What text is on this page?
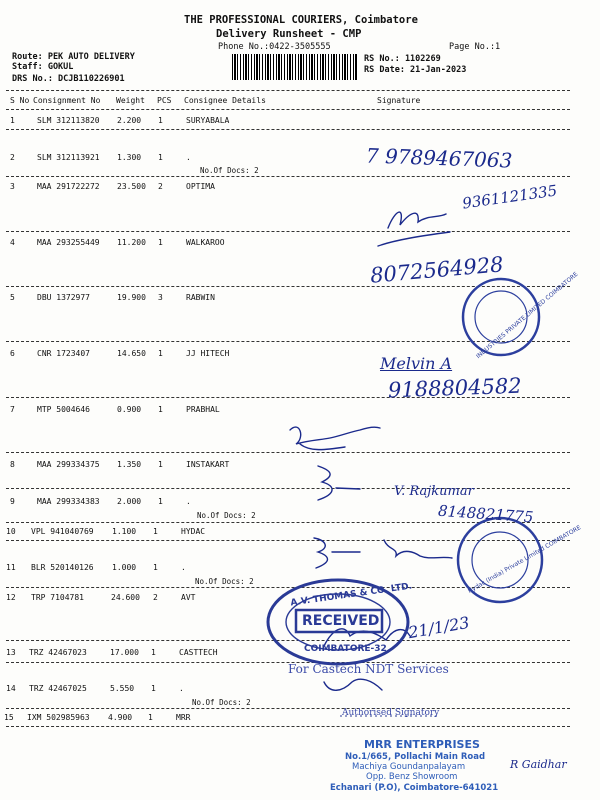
THE PROFESSIONAL COURIERS, Coimbatore
Delivery Runsheet - CMP
Phone No.:0422-3505555	Page No.:1
Route: PEK AUTO DELIVERY
Staff: GOKUL
DRS No.: DCJB110226901
RS No.: 1102269
RS Date: 21-Jan-2023
S No Consignment No Weight PCS Consignee Details	Signature
1	SLM 312113820 2.200 1	SURYABALA
2	SLM 312113921 1.300 1	.
No.Of Docs: 2
3	MAA 291722272 23.500 2	OPTIMA
4	MAA 293255449 11.200 1	WALKAROO
5	DBU 1372977	19.900 3	RABWIN
6	CNR 1723407	14.650 1	JJ HITECH
7	MTP 5004646	0.900 1	PRABHAL
8	MAA 299334375 1.350 1	INSTAKART
9	MAA 299334383 2.000 1	.
No.Of Docs: 2
10 VPL 941040769 1.100 1	HYDAC
11 BLR 520140126 1.000 1	.
No.Of Docs: 2
12 TRP 7104781	24.600 2	AVT
13 TRZ 42467023	17.000 1	CASTTECH
14 TRZ 42467025	5.550 1	.
No.Of Docs: 2
15 IXM 502985963 4.900 1	MRR
7 9789467063
9361121335
8072564928
Melvin A
9188804582
V. Rajkumar
8148821775
R Gaidhar
21/1/23
INDUSTRIES PRIVATE LIMITED COIMBATORE
Hydac (India) Private Limited COIMBATORE
A.V. THOMAS & CO. LTD.
RECEIVED
COIMBATORE-32
For Castech NDT Services
Authorised Signatory
MRR ENTERPRISES
No.1/665, Pollachi Main Road
Machiya Goundanpalayam
Opp. Benz Showroom
Echanari (P.O), Coimbatore-641021
